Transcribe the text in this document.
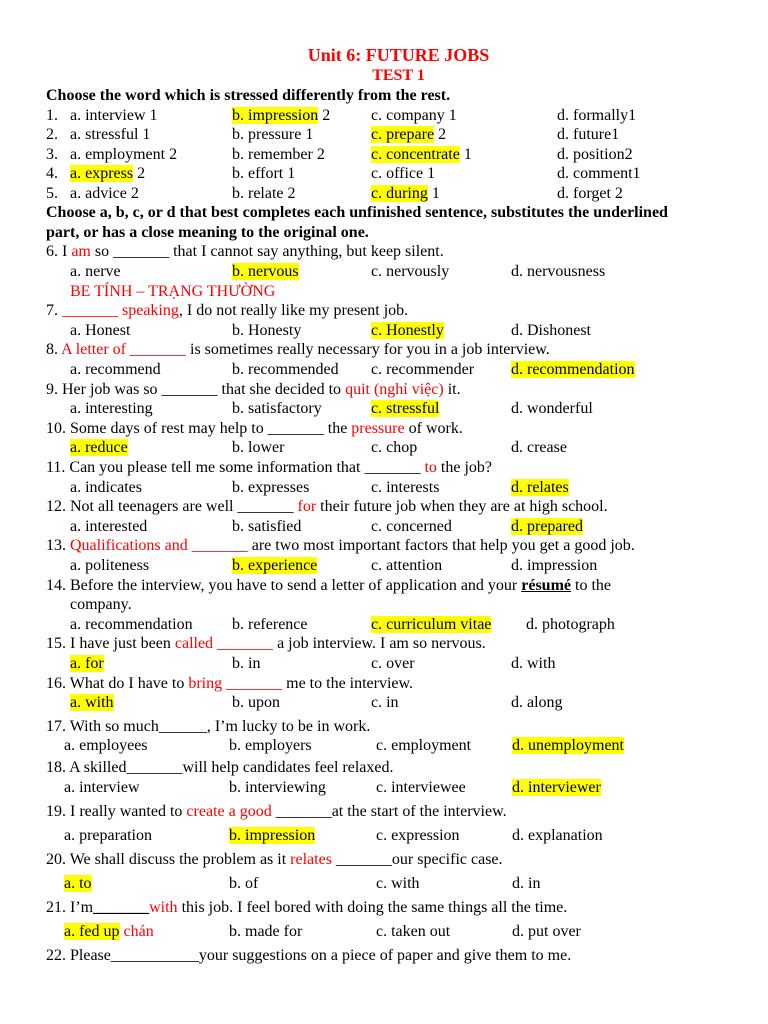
Unit 6: FUTURE JOBS
TEST 1
Choose the word which is stressed differently from the rest.
1. a. interview 1	b. impression 2	c. company 1	d. formally1
2. a. stressful 1	b. pressure 1	c. prepare 2	d. future1
3. a. employment 2	b. remember 2	c. concentrate 1	d. position2
4. a. express 2	b. effort 1	c. office 1	d. comment1
5. a. advice 2	b. relate 2	c. during 1	d. forget 2
Choose a, b, c, or d that best completes each unfinished sentence, substitutes the underlined
part, or has a close meaning to the original one.
6. I am so _______ that I cannot say anything, but keep silent.
a. nerve	b. nervous	c. nervously	d. nervousness
BE TÍNH – TRẠNG THƯỜNG
7. _______ speaking, I do not really like my present job.
a. Honest	b. Honesty	c. Honestly	d. Dishonest
8. A letter of _______ is sometimes really necessary for you in a job interview.
a. recommend	b. recommended c. recommender d. recommendation
9. Her job was so _______ that she decided to quit (nghỉ việc) it.
a. interesting	b. satisfactory	c. stressful	d. wonderful
10. Some days of rest may help to _______ the pressure of work.
a. reduce	b. lower	c. chop	d. crease
11. Can you please tell me some information that _______ to the job?
a. indicates	b. expresses	c. interests	d. relates
12. Not all teenagers are well _______ for their future job when they are at high school.
a. interested	b. satisfied	c. concerned	d. prepared
13. Qualifications and _______ are two most important factors that help you get a good job.
a. politeness	b. experience	c. attention	d. impression
14. Before the interview, you have to send a letter of application and your résumé to the
company.
a. recommendation b. reference	c. curriculum vitae d. photograph
15. I have just been called _______ a job interview. I am so nervous.
a. for	b. in	c. over	d. with
16. What do I have to bring _______ me to the interview.
a. with	b. upon	c. in	d. along
17. With so much______, I’m lucky to be in work.
a. employees	b. employers	c. employment	d. unemployment
18. A skilled_______will help candidates feel relaxed.
a. interview	b. interviewing	c. interviewee	d. interviewer
19. I really wanted to create a good _______at the start of the interview.
a. preparation	b. impression	c. expression	d. explanation
20. We shall discuss the problem as it relates _______our specific case.
a. to	b. of	c. with	d. in
21. I’m_______with this job. I feel bored with doing the same things all the time.
a. fed up chán	b. made for	c. taken out	d. put over
22. Please___________your suggestions on a piece of paper and give them to me.
